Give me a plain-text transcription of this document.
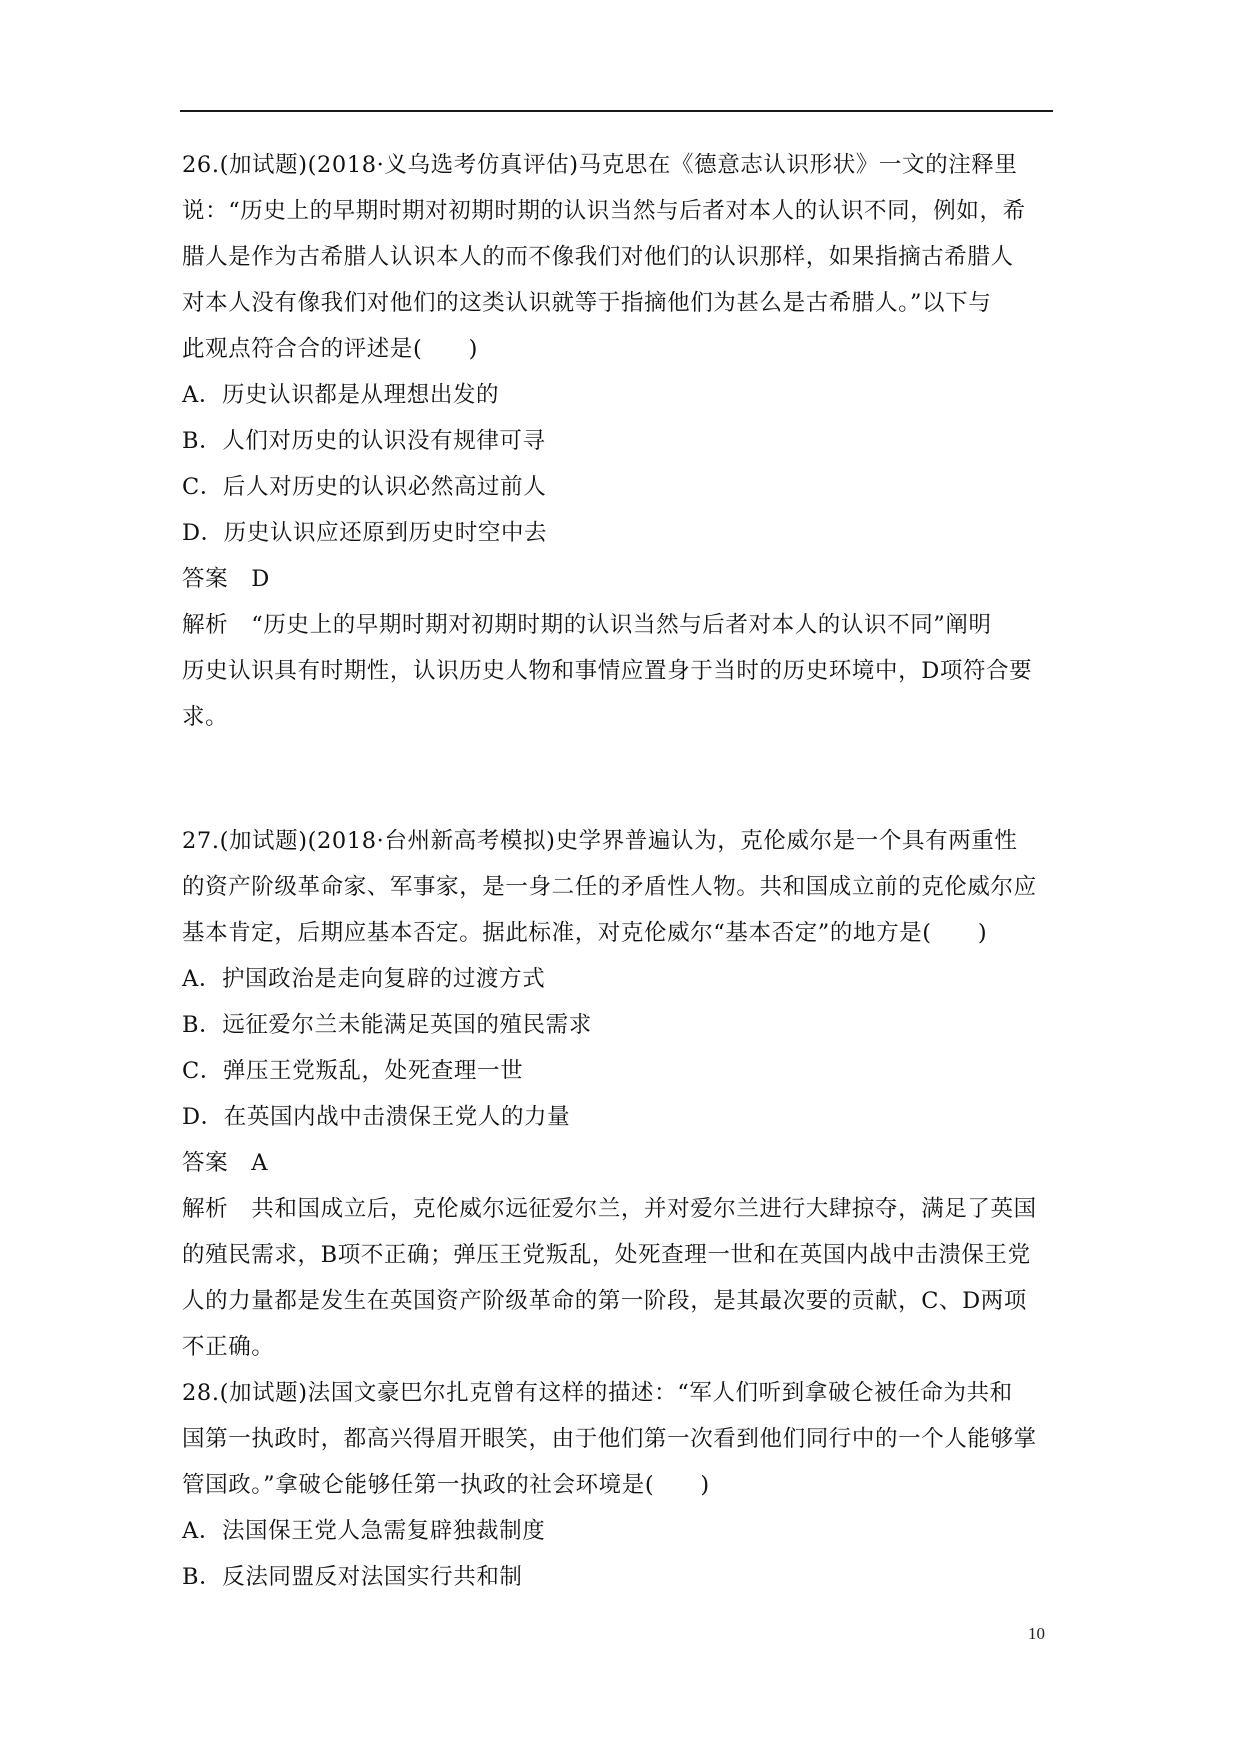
26.(加试题)(2018·义乌选考仿真评估)马克思在《德意志认识形状》一文的注释里
说：“历史上的早期时期对初期时期的认识当然与后者对本人的认识不同，例如，希
腊人是作为古希腊人认识本人的而不像我们对他们的认识那样，如果指摘古希腊人
对本人没有像我们对他们的这类认识就等于指摘他们为甚么是古希腊人。”以下与
此观点符合合的评述是(　　)
A．历史认识都是从理想出发的
B．人们对历史的认识没有规律可寻
C．后人对历史的认识必然高过前人
D．历史认识应还原到历史时空中去
答案　D
解析　“历史上的早期时期对初期时期的认识当然与后者对本人的认识不同”阐明
历史认识具有时期性，认识历史人物和事情应置身于当时的历史环境中，D项符合要
求。
27.(加试题)(2018·台州新高考模拟)史学界普遍认为，克伦威尔是一个具有两重性
的资产阶级革命家、军事家，是一身二任的矛盾性人物。共和国成立前的克伦威尔应
基本肯定，后期应基本否定。据此标准，对克伦威尔“基本否定”的地方是(　　)
A．护国政治是走向复辟的过渡方式
B．远征爱尔兰未能满足英国的殖民需求
C．弹压王党叛乱，处死查理一世
D．在英国内战中击溃保王党人的力量
答案　A
解析　共和国成立后，克伦威尔远征爱尔兰，并对爱尔兰进行大肆掠夺，满足了英国
的殖民需求，B项不正确；弹压王党叛乱，处死查理一世和在英国内战中击溃保王党
人的力量都是发生在英国资产阶级革命的第一阶段，是其最次要的贡献，C、D两项
不正确。
28.(加试题)法国文豪巴尔扎克曾有这样的描述：“军人们听到拿破仑被任命为共和
国第一执政时，都高兴得眉开眼笑，由于他们第一次看到他们同行中的一个人能够掌
管国政。”拿破仑能够任第一执政的社会环境是(　　)
A．法国保王党人急需复辟独裁制度
B．反法同盟反对法国实行共和制
10
